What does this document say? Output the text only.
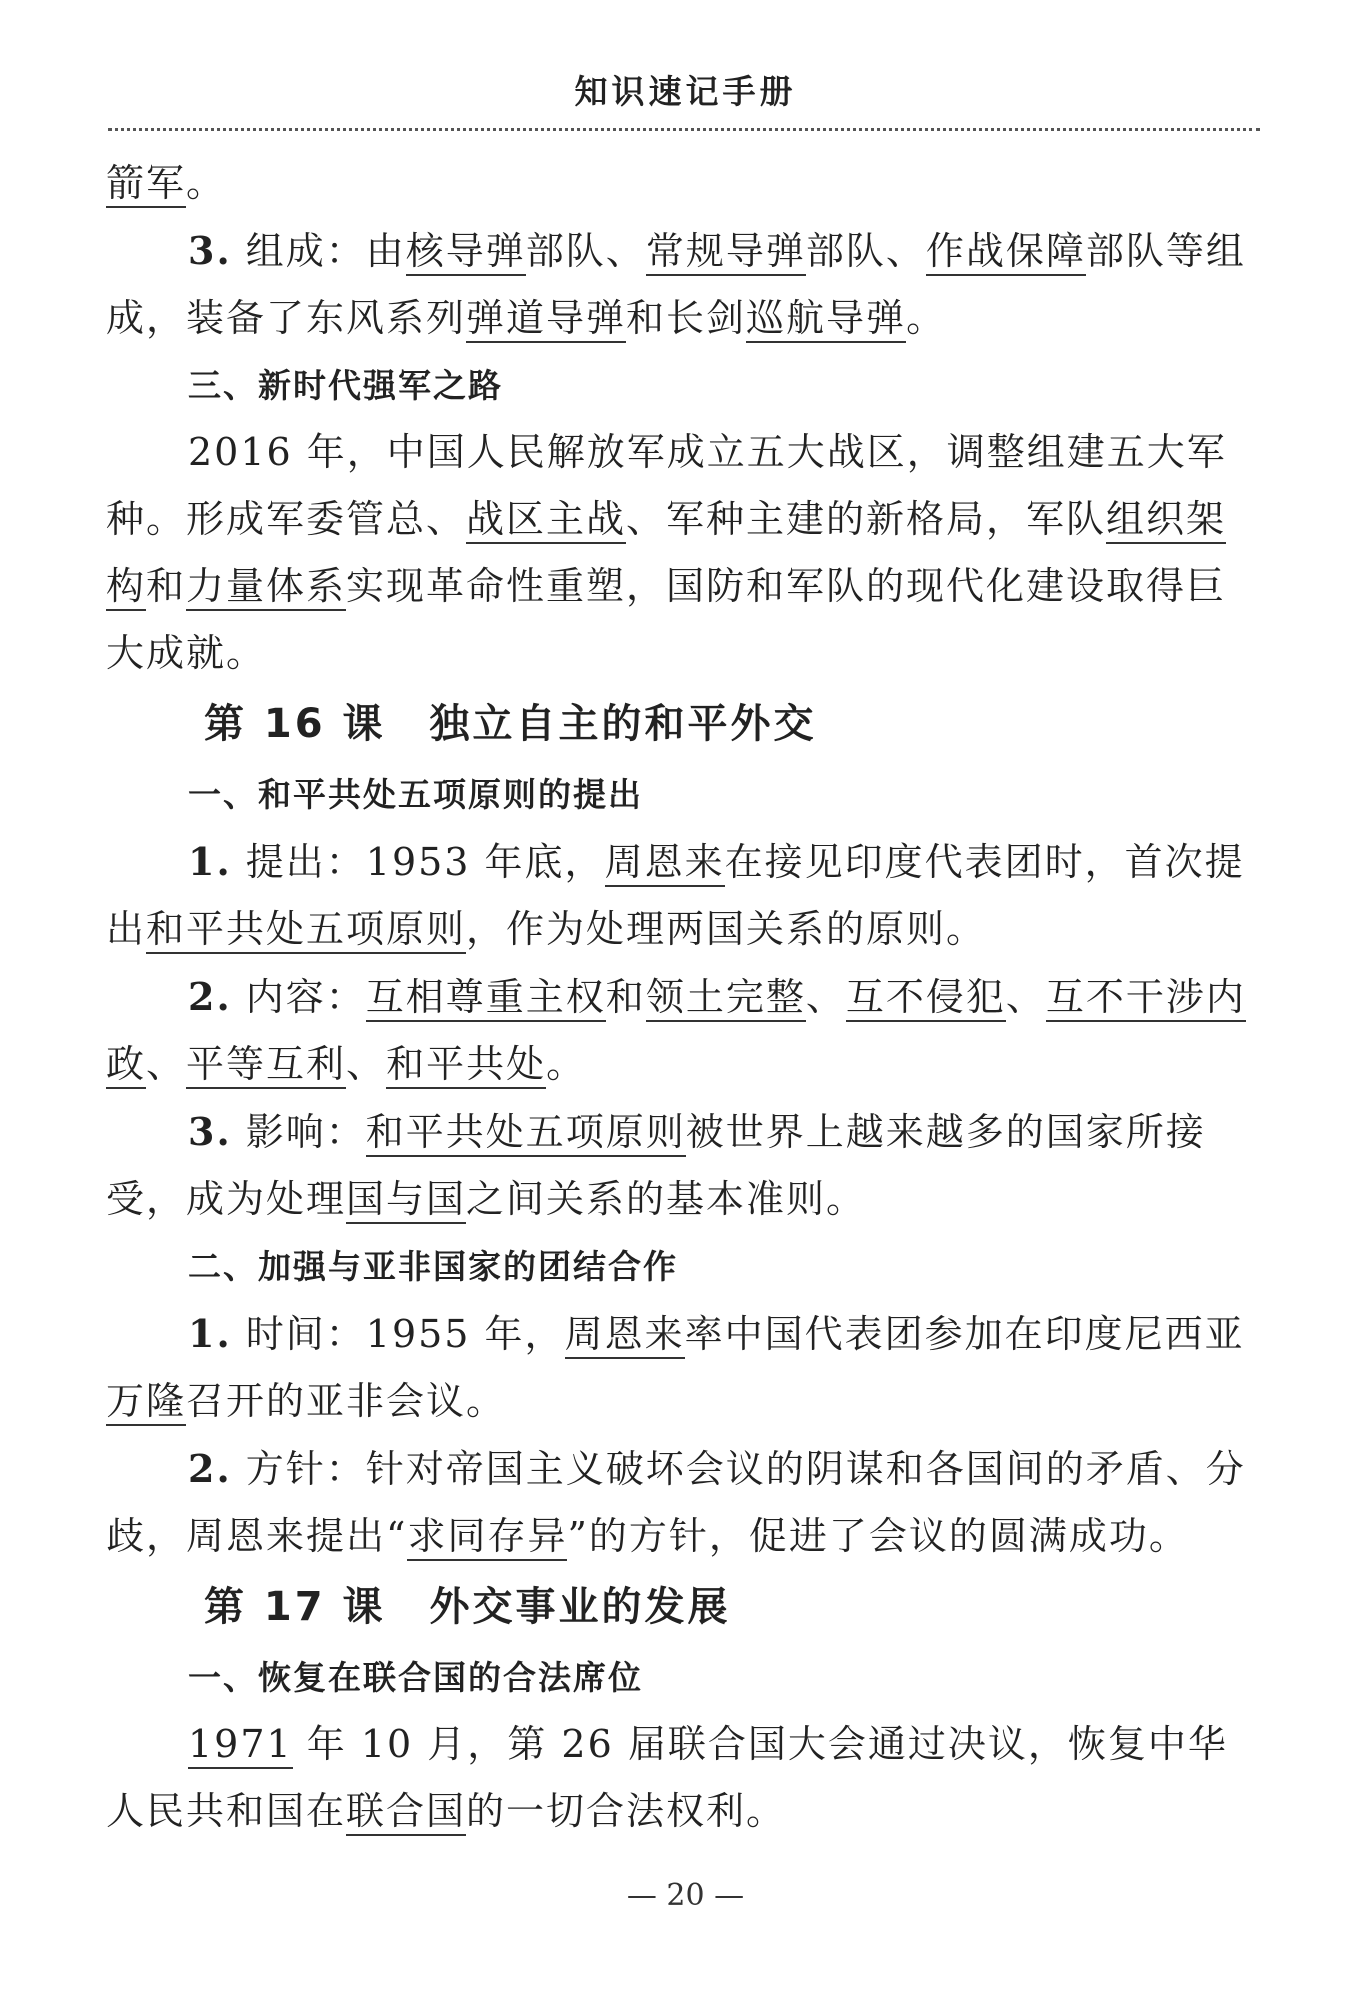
知识速记手册

箭军。

3. 组成：由核导弹部队、常规导弹部队、作战保障部队等组成，装备了东风系列弹道导弹和长剑巡航导弹。

三、新时代强军之路

2016 年，中国人民解放军成立五大战区，调整组建五大军种。形成军委管总、战区主战、军种主建的新格局，军队组织架构和力量体系实现革命性重塑，国防和军队的现代化建设取得巨大成就。

第 16 课 独立自主的和平外交
一、和平共处五项原则的提出

1. 提出：1953 年底，周恩来在接见印度代表团时，首次提出和平共处五项原则，作为处理两国关系的原则。

2. 内容：互相尊重主权和领土完整、互不侵犯、互不干涉内政、平等互利、和平共处。

3. 影响：和平共处五项原则被世界上越来越多的国家所接受，成为处理国与国之间关系的基本准则。

二、加强与亚非国家的团结合作

1. 时间：1955 年，周恩来率中国代表团参加在印度尼西亚万隆召开的亚非会议。

2. 方针：针对帝国主义破坏会议的阴谋和各国间的矛盾、分歧，周恩来提出“求同存异”的方针，促进了会议的圆满成功。

第 17 课 外交事业的发展
一、恢复在联合国的合法席位

1971 年 10 月，第 26 届联合国大会通过决议，恢复中华人民共和国在联合国的一切合法权利。

— 20 —
